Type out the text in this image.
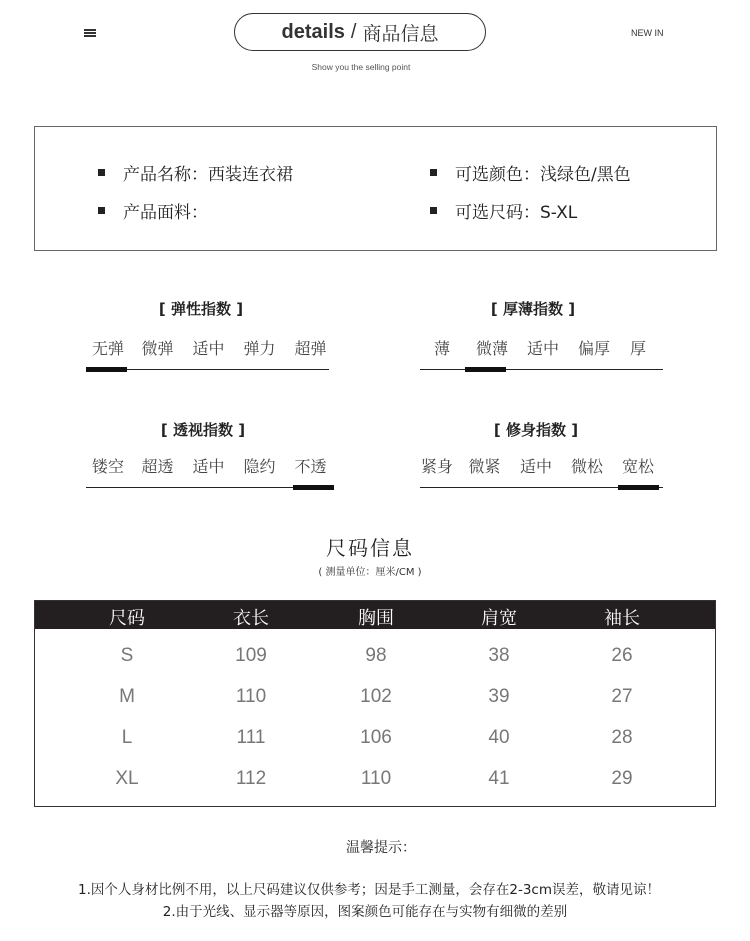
details / 商品信息	NEW IN
Show you the selling point
产品名称：西装连衣裙	可选颜色：浅绿色/黑色
产品面料：	可选尺码：S-XL
[ 弹性指数 ]
无弹	微弹	适中	弹力	超弹
[ 厚薄指数 ]
薄	微薄	适中	偏厚	厚
[ 透视指数 ]
镂空	超透	适中	隐约	不透
[ 修身指数 ]
紧身 微紧	适中	微松	宽松
尺码信息
( 测量单位：厘米/CM )
尺码	衣长	胸围	肩宽	袖长
S	109	98	38	26
M	110	102	39	27
L	111	106	40	28
XL	112	110	41	29
温馨提示：
1.因个人身材比例不用，以上尺码建议仅供参考；因是手工测量，会存在2-3cm误差，敬请见谅！
2.由于光线、显示器等原因，图案颜色可能存在与实物有细微的差别
